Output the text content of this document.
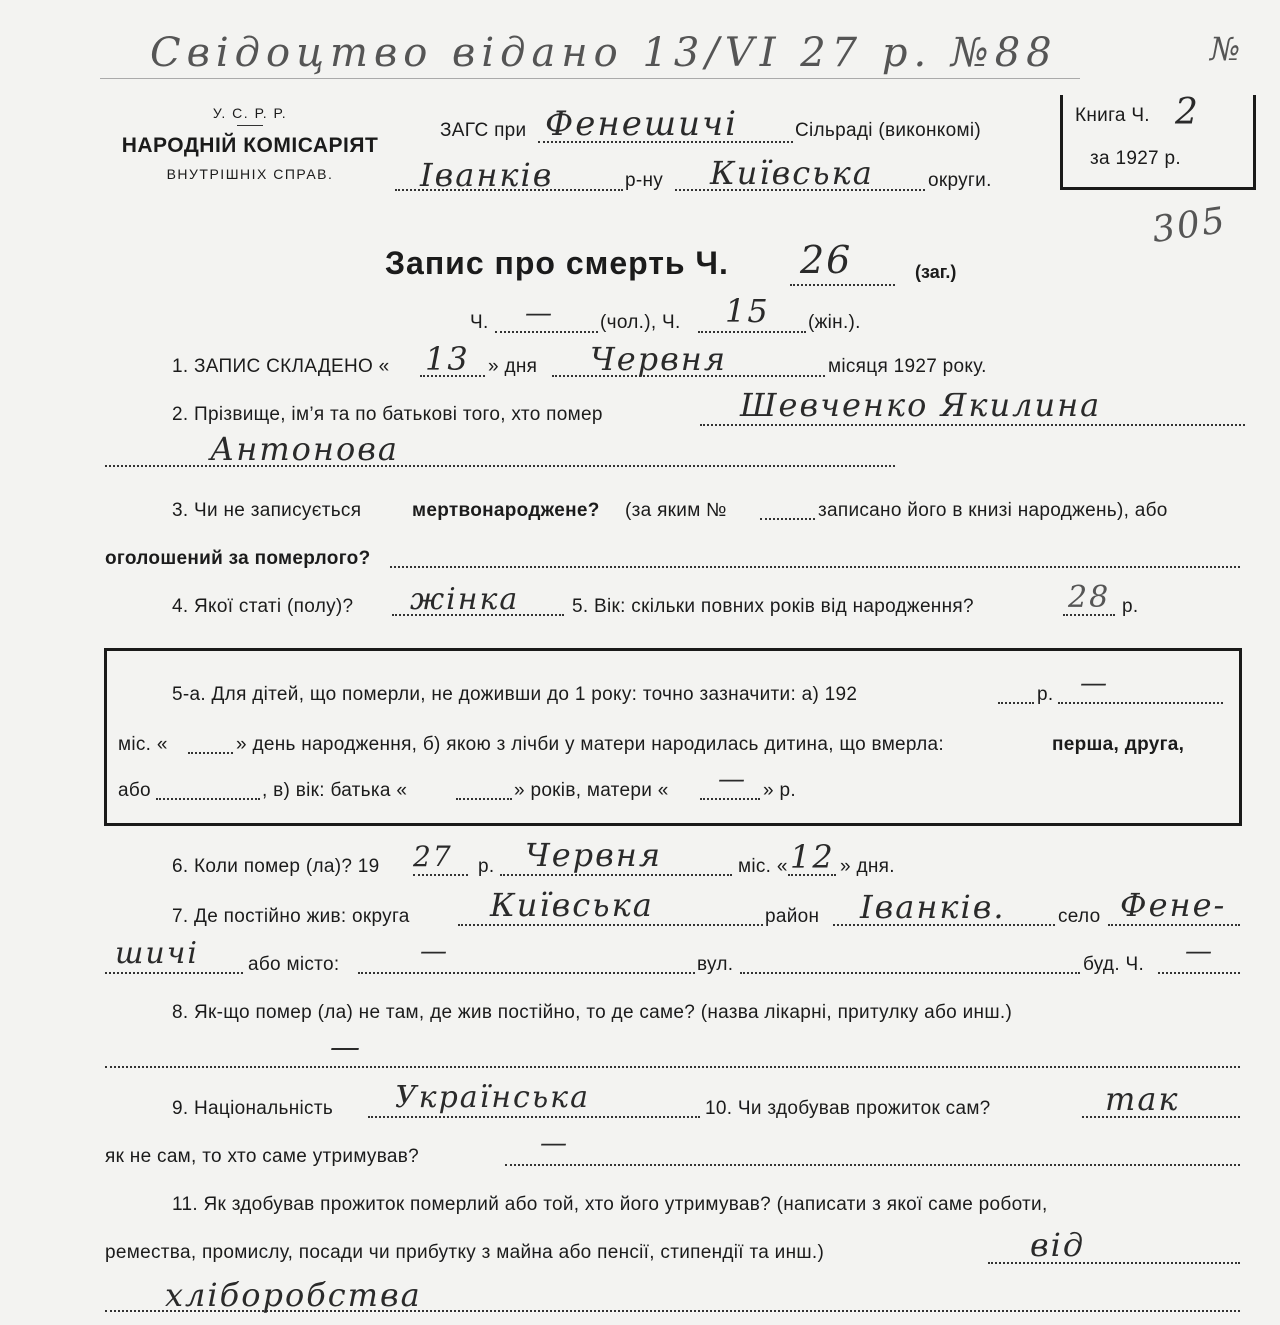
Свідоцтво відано 13/VI 27 р. №88	№
У. С. Р. Р.
НАРОДНІЙ КОМІСАРІЯТ
ВНУТРІШНІХ СПРАВ.
ЗАГС при Фенешичі	Сільраді (виконкомі)
Іванків	р-ну Київська	округи.
Книга Ч. 2
за 1927 р.
305
Запис про смерть Ч. 26	(заг.)
Ч. — (чол.), Ч. 15 (жін.).
1. ЗАПИС СКЛАДЕНО « 13 » дня Червня	місяця 1927 року.
2. Прізвище, ім’я та по батькові того, хто помер	Шевченко Якилина
Антонова
3. Чи не записується	мертвонароджене? (за яким №	записано його в книзі народжень), або
оголошений за померлого?
4. Якої статі (полу)? жінка	5. Вік: скільки повних років від народження?	28 р.
5-а. Для дітей, що померли, не доживши до 1 року: точно зазначити: а) 192	р. —
міс. «	» день народження, б) якою з лічби у матери народилась дитина, що вмерла:	перша, друга,
або	, в) вік: батька «	» років, матери « — » р.
6. Коли помер (ла)? 19 27 р. Червня	міс. « 12 » дня.
7. Де постійно жив: округа	Київська	район Іванків.	село Фене-
шичі	або місто:	—	вул.	буд. Ч. —
8. Як-що помер (ла) не там, де жив постійно, то де саме? (назва лікарні, притулку або инш.)
—
9. Національність Українська	10. Чи здобував прожиток сам?	так
як не сам, то хто саме утримував?	—
11. Як здобував прожиток померлий або той, хто його утримував? (написати з якої саме роботи,
ремества, промислу, посади чи прибутку з майна або пенсії, стипендії та инш.)	від
хліборобства
